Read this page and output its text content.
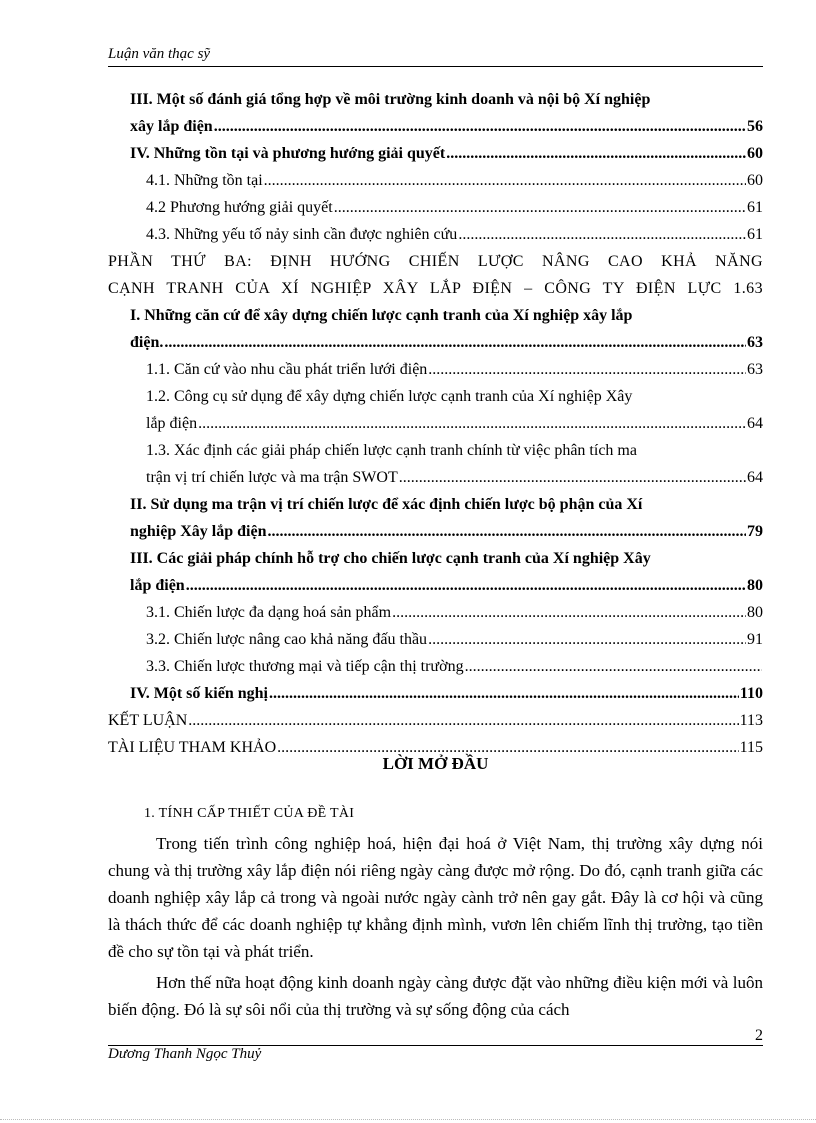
Luận văn thạc sỹ
III. Một số đánh giá tổng hợp về môi trường kinh doanh và nội bộ Xí nghiệp
xây lắp điện .....	56
IV. Những tồn tại và phương hướng giải quyết .....	60
4.1. Những tồn tại .....	60
4.2 Phương hướng giải quyết .....	61
4.3. Những yếu tố nảy sinh cần được nghiên cứu .....	61
PHẦN THỨ BA: ĐỊNH HƯỚNG CHIẾN LƯỢC NÂNG CAO KHẢ NĂNG
CẠNH TRANH CỦA XÍ NGHIỆP XÂY LẮP ĐIỆN – CÔNG TY ĐIỆN LỰC 1.63
I. Những căn cứ để xây dựng chiến lược cạnh tranh của Xí nghiệp xây lắp
điện. .....	63
1.1. Căn cứ vào nhu cầu phát triển lưới điện .....	63
1.2. Công cụ sử dụng để xây dựng chiến lược cạnh tranh của Xí nghiệp Xây
lắp điện .....	64
1.3. Xác định các giải pháp chiến lược cạnh tranh chính từ việc phân tích ma
trận vị trí chiến lược và ma trận SWOT .....	64
II. Sử dụng ma trận vị trí chiến lược để xác định chiến lược bộ phận của Xí
nghiệp Xây lắp điện .....	79
III. Các giải pháp chính hỗ trợ cho chiến lược cạnh tranh của Xí nghiệp Xây
lắp điện .....	80
3.1. Chiến lược đa dạng hoá sản phẩm .....	80
3.2. Chiến lược nâng cao khả năng đấu thầu .....	91
3.3. Chiến lược thương mại và tiếp cận thị trường
.....
IV. Một số kiến nghị .....	110
KẾT LUẬN .....	113
TÀI LIỆU THAM KHẢO .....	115
LỜI MỞ ĐẦU
1. TÍNH CẤP THIẾT CỦA ĐỀ TÀI

Trong tiến trình công nghiệp hoá, hiện đại hoá ở Việt Nam, thị trường xây dựng nói chung và thị trường xây lắp điện nói riêng ngày càng được mở rộng. Do đó, cạnh tranh giữa các doanh nghiệp xây lắp cả trong và ngoài nước ngày cành trở nên gay gắt. Đây là cơ hội và cũng là thách thức để các doanh nghiệp tự khẳng định mình, vươn lên chiếm lĩnh thị trường, tạo tiền đề cho sự tồn tại và phát triển.

Hơn thế nữa hoạt động kinh doanh ngày càng được đặt vào những điều kiện mới và luôn biến động. Đó là sự sôi nổi của thị trường và sự sống động của cách

2
Dương Thanh Ngọc Thuỷ
